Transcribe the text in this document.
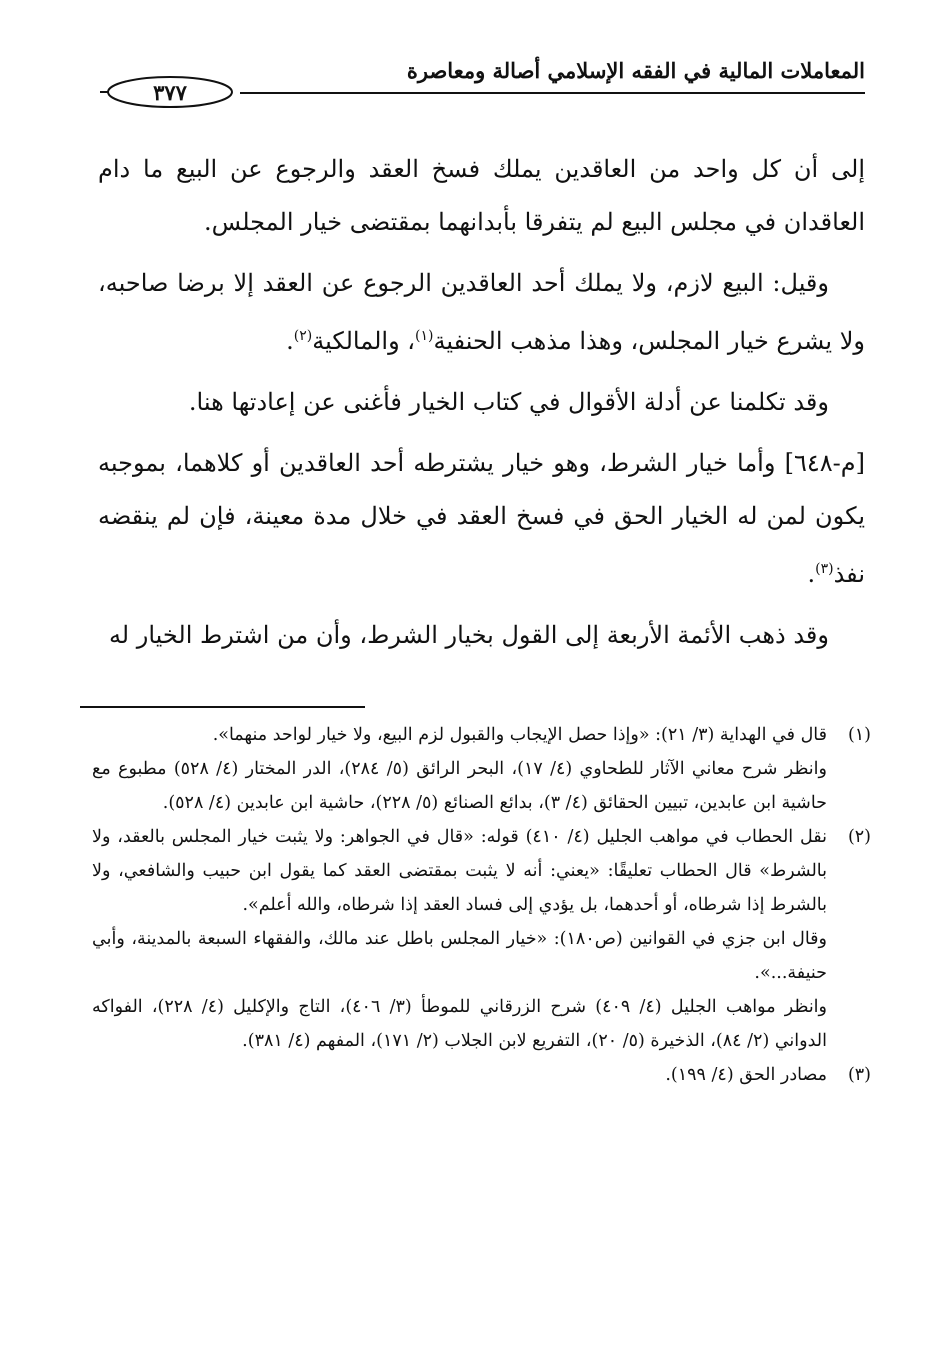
المعاملات المالية في الفقه الإسلامي أصالة ومعاصرة
٣٧٧

إلى أن كل واحد من العاقدين يملك فسخ العقد والرجوع عن البيع ما دام العاقدان في مجلس البيع لم يتفرقا بأبدانهما بمقتضى خيار المجلس.

وقيل: البيع لازم، ولا يملك أحد العاقدين الرجوع عن العقد إلا برضا صاحبه، ولا يشرع خيار المجلس، وهذا مذهب الحنفية$^{(١)}$، والمالكية$^{(٢)}$.

وقد تكلمنا عن أدلة الأقوال في كتاب الخيار فأغنى عن إعادتها هنا.

[م-٦٤٨] وأما خيار الشرط، وهو خيار يشترطه أحد العاقدين أو كلاهما، بموجبه يكون لمن له الخيار الحق في فسخ العقد في خلال مدة معينة، فإن لم ينقضه نفذ$^{(٣)}$.

وقد ذهب الأئمة الأربعة إلى القول بخيار الشرط، وأن من اشترط الخيار له

(١)

قال في الهداية (٣/ ٢١): «وإذا حصل الإيجاب والقبول لزم البيع، ولا خيار لواحد منهما».

وانظر شرح معاني الآثار للطحاوي (٤/ ١٧)، البحر الرائق (٥/ ٢٨٤)، الدر المختار (٤/ ٥٢٨) مطبوع مع حاشية ابن عابدين، تبيين الحقائق (٤/ ٣)، بدائع الصنائع (٥/ ٢٢٨)، حاشية ابن عابدين (٤/ ٥٢٨).

(٢)

نقل الحطاب في مواهب الجليل (٤/ ٤١٠) قوله: «قال في الجواهر: ولا يثبت خيار المجلس بالعقد، ولا بالشرط» قال الحطاب تعليقًا: «يعني: أنه لا يثبت بمقتضى العقد كما يقول ابن حبيب والشافعي، ولا بالشرط إذا شرطاه، أو أحدهما، بل يؤدي إلى فساد العقد إذا شرطاه، والله أعلم».

وقال ابن جزي في القوانين (ص١٨٠): «خيار المجلس باطل عند مالك، والفقهاء السبعة بالمدينة، وأبي حنيفة...».

وانظر مواهب الجليل (٤/ ٤٠٩) شرح الزرقاني للموطأ (٣/ ٤٠٦)، التاج والإكليل (٤/ ٢٢٨)، الفواكه الدواني (٢/ ٨٤)، الذخيرة (٥/ ٢٠)، التفريع لابن الجلاب (٢/ ١٧١)، المفهم (٤/ ٣٨١).

(٣)

مصادر الحق (٤/ ١٩٩).
